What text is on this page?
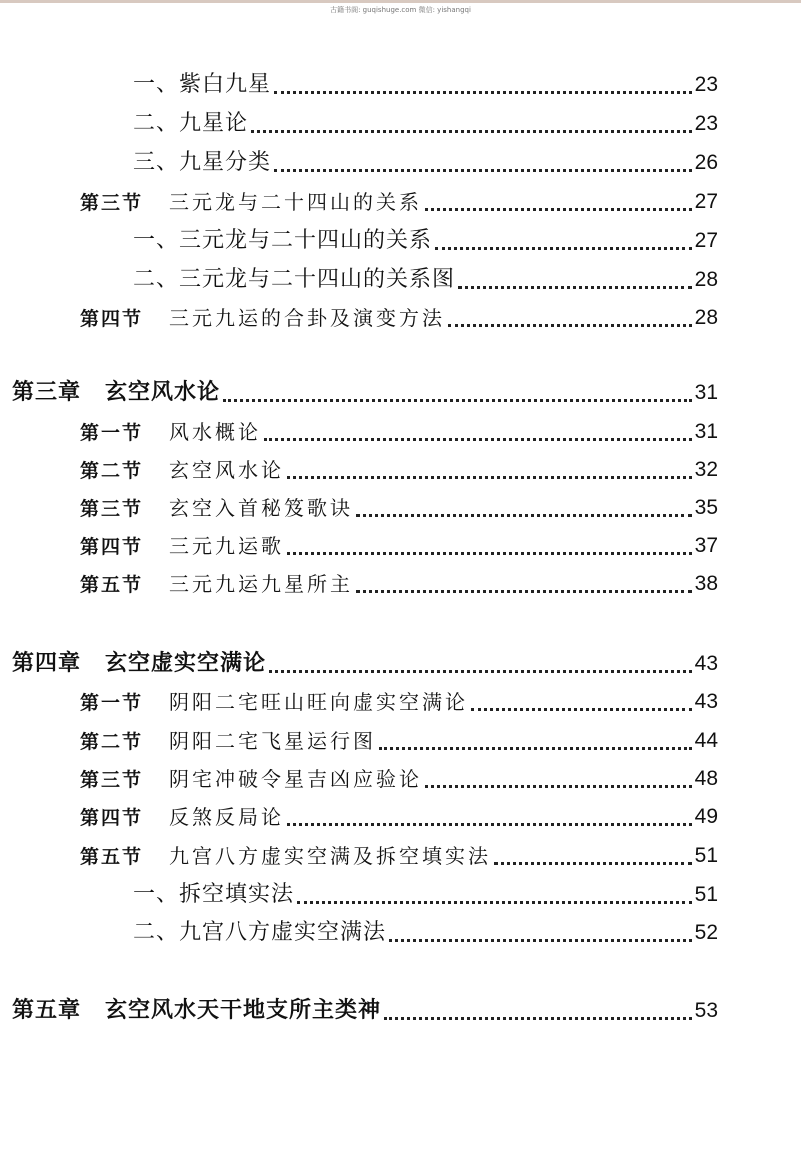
古籍书阁: guqishuge.com 微信: yishangqi
一、紫白九星	23
二、九星论	23
三、九星分类	26
第三节 三元龙与二十四山的关系	27
一、三元龙与二十四山的关系	27
二、三元龙与二十四山的关系图	28
第四节 三元九运的合卦及演变方法	28
第三章 玄空风水论	31
第一节 风水概论	31
第二节 玄空风水论	32
第三节 玄空入首秘笈歌诀	35
第四节 三元九运歌	37
第五节 三元九运九星所主	38
第四章 玄空虚实空满论	43
第一节 阴阳二宅旺山旺向虚实空满论	43
第二节 阴阳二宅飞星运行图	44
第三节 阴宅冲破令星吉凶应验论	48
第四节 反煞反局论	49
第五节 九宫八方虚实空满及拆空填实法	51
一、拆空填实法	51
二、九宫八方虚实空满法	52
第五章 玄空风水天干地支所主类神	53
